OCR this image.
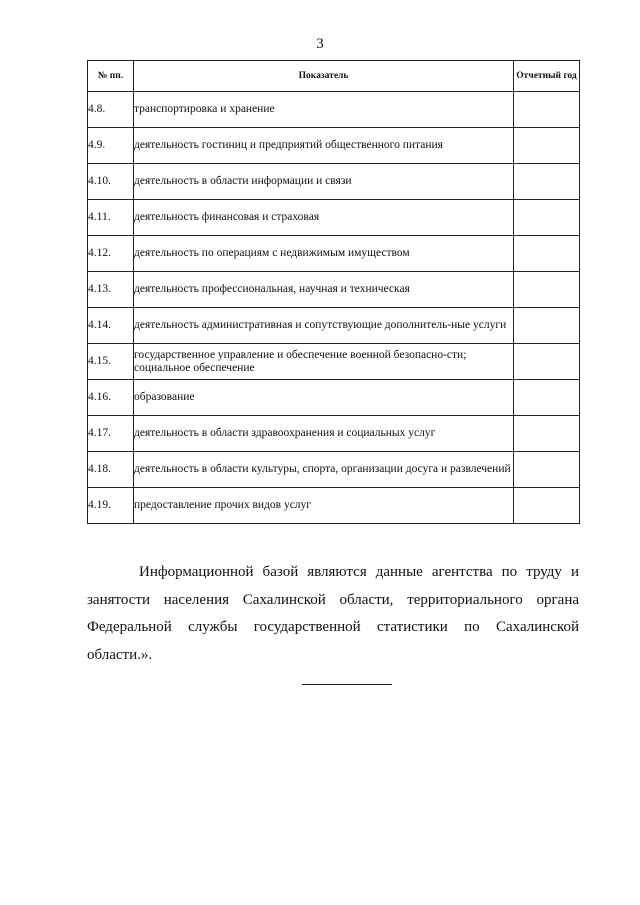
3
№ пп.	Показатель	Отчетный год
4.8.	транспортировка и хранение	
4.9.	деятельность гостиниц и предприятий общественного питания	
4.10.	деятельность в области информации и связи	
4.11.	деятельность финансовая и страховая	
4.12.	деятельность по операциям с недвижимым имуществом	
4.13.	деятельность профессиональная, научная и техническая	
4.14.	деятельность административная и сопутствующие дополнитель-ные услуги	
4.15.	государственное управление и обеспечение военной безопасно-сти; социальное обеспечение	
4.16.	образование	
4.17.	деятельность в области здравоохранения и социальных услуг	
4.18.	деятельность в области культуры, спорта, организации досуга и развлечений	
4.19.	предоставление прочих видов услуг	

Информационной базой являются данные агентства по труду и занятости населения Сахалинской области, территориального органа Федеральной службы государственной статистики по Сахалинской области.».
